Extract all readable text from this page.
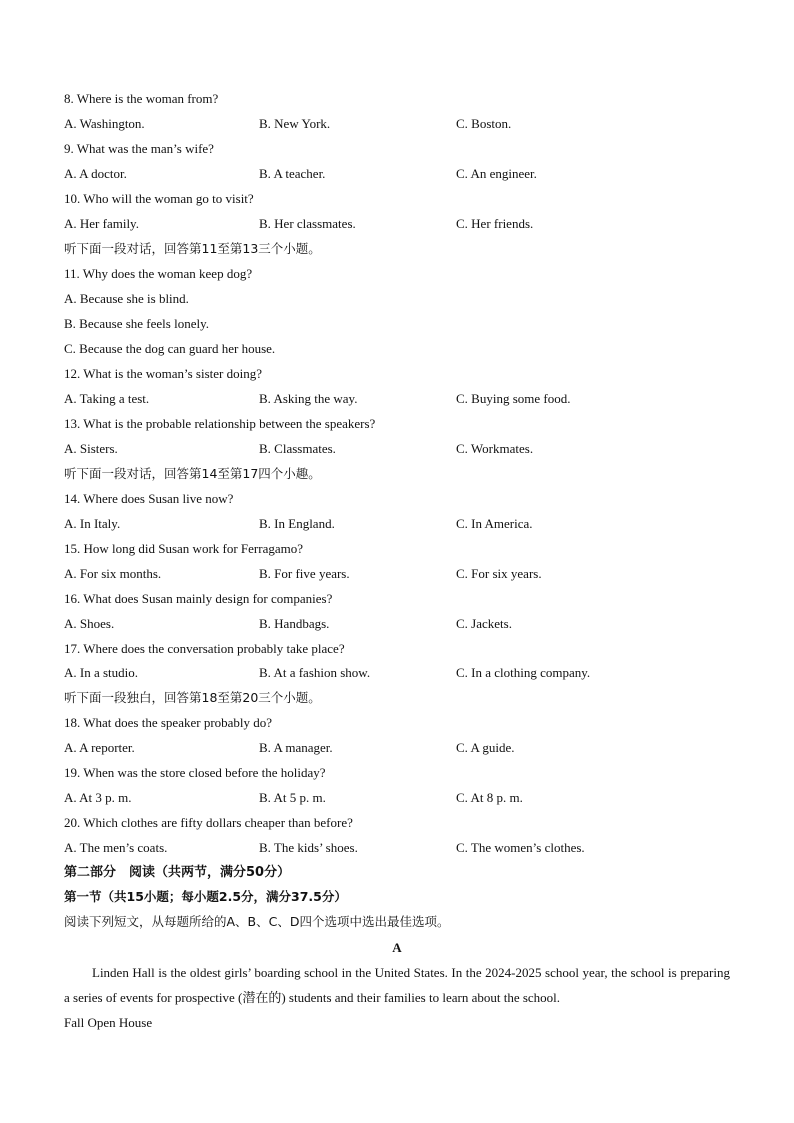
8. Where is the woman from?
A. Washington.	B. New York.	C. Boston.
9. What was the man’s wife?
A. A doctor.	B. A teacher.	C. An engineer.
10. Who will the woman go to visit?
A. Her family.	B. Her classmates.	C. Her friends.
听下面一段对话，回答第11至第13三个小题。
11. Why does the woman keep dog?
A. Because she is blind.
B. Because she feels lonely.
C. Because the dog can guard her house.
12. What is the woman’s sister doing?
A. Taking a test.	B. Asking the way.	C. Buying some food.
13. What is the probable relationship between the speakers?
A. Sisters.	B. Classmates.	C. Workmates.
听下面一段对话，回答第14至第17四个小趣。
14. Where does Susan live now?
A. In Italy.	B. In England.	C. In America.
15. How long did Susan work for Ferragamo?
A. For six months.	B. For five years.	C. For six years.
16. What does Susan mainly design for companies?
A. Shoes.	B. Handbags.	C. Jackets.
17. Where does the conversation probably take place?
A. In a studio.	B. At a fashion show.	C. In a clothing company.
听下面一段独白，回答第18至第20三个小题。
18. What does the speaker probably do?
A. A reporter.	B. A manager.	C. A guide.
19. When was the store closed before the holiday?
A. At 3 p. m.	B. At 5 p. m.	C. At 8 p. m.
20. Which clothes are fifty dollars cheaper than before?
A. The men’s coats.	B. The kids’ shoes.	C. The women’s clothes.
第二部分　阅读（共两节，满分50分）
第一节（共15小题；每小题2.5分，满分37.5分）
阅读下列短文，从每题所给的A、B、C、D四个选项中选出最佳选项。
A
Linden Hall is the oldest girls’ boarding school in the United States. In the 2024-2025 school year, the school is preparing a series of events for prospective (潜在的) students and their families to learn about the school.
Fall Open House
